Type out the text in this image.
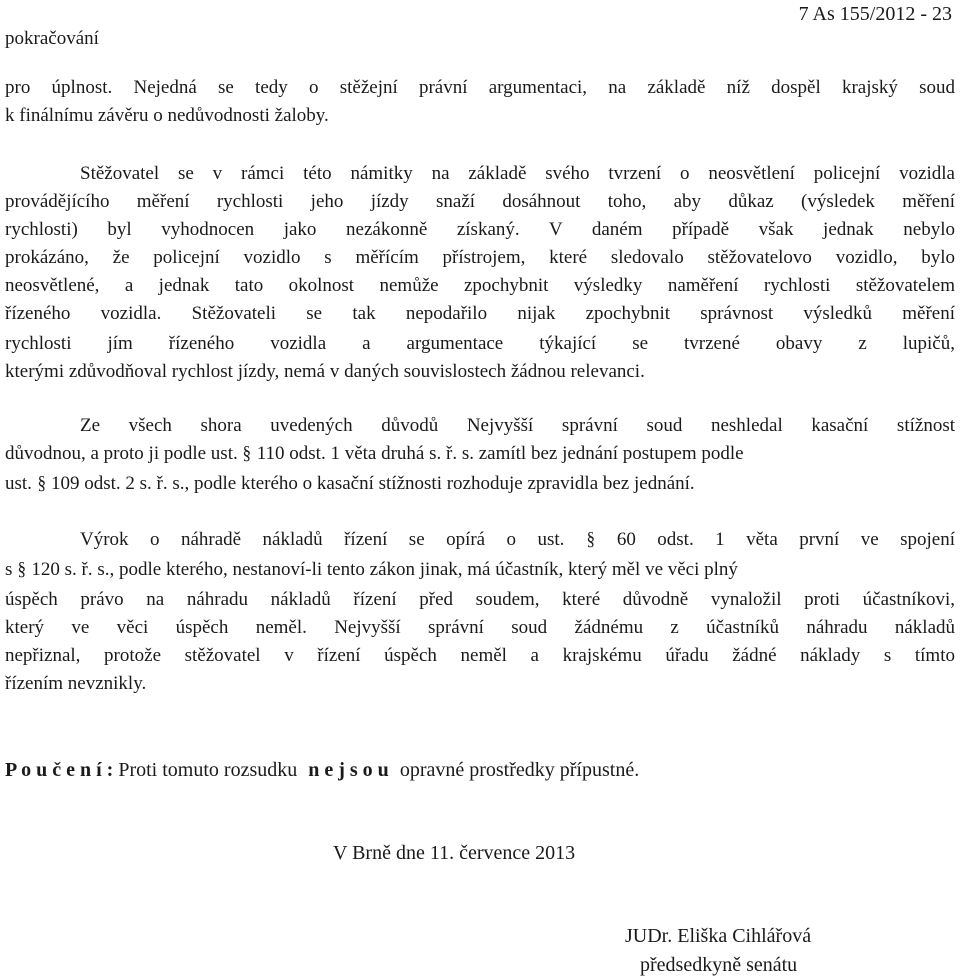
pokračování
7 As 155/2012 - 23
pro úplnost. Nejedná se tedy o stěžejní právní argumentaci, na základě níž dospěl krajský soud
k finálnímu závěru o nedůvodnosti žaloby.
Stěžovatel se v rámci této námitky na základě svého tvrzení o neosvětlení policejní vozidla
provádějícího měření rychlosti jeho jízdy snaží dosáhnout toho, aby důkaz (výsledek měření
rychlosti) byl vyhodnocen jako nezákonně získaný. V daném případě však jednak nebylo
prokázáno, že policejní vozidlo s měřícím přístrojem, které sledovalo stěžovatelovo vozidlo, bylo
neosvětlené, a jednak tato okolnost nemůže zpochybnit výsledky naměření rychlosti stěžovatelem
řízeného vozidla. Stěžovateli se tak nepodařilo nijak zpochybnit správnost výsledků měření
rychlosti jím řízeného vozidla a argumentace týkající se tvrzené obavy z lupičů,
kterými zdůvodňoval rychlost jízdy, nemá v daných souvislostech žádnou relevanci.
Ze všech shora uvedených důvodů Nejvyšší správní soud neshledal kasační stížnost
důvodnou, a proto ji podle ust. § 110 odst. 1 věta druhá s. ř. s. zamítl bez jednání postupem podle
ust. § 109 odst. 2 s. ř. s., podle kterého o kasační stížnosti rozhoduje zpravidla bez jednání.
Výrok o náhradě nákladů řízení se opírá o ust. § 60 odst. 1 věta první ve spojení
s § 120 s. ř. s., podle kterého, nestanoví-li tento zákon jinak, má účastník, který měl ve věci plný
úspěch právo na náhradu nákladů řízení před soudem, které důvodně vynaložil proti účastníkovi,
který ve věci úspěch neměl. Nejvyšší správní soud žádnému z účastníků náhradu nákladů
nepřiznal, protože stěžovatel v řízení úspěch neměl a krajskému úřadu žádné náklady s tímto
řízením nevznikly.
P o u č e n í : Proti tomuto rozsudku n e j s o u opravné prostředky přípustné.
V Brně dne 11. července 2013
JUDr. Eliška Cihlářová
předsedkyně senátu
